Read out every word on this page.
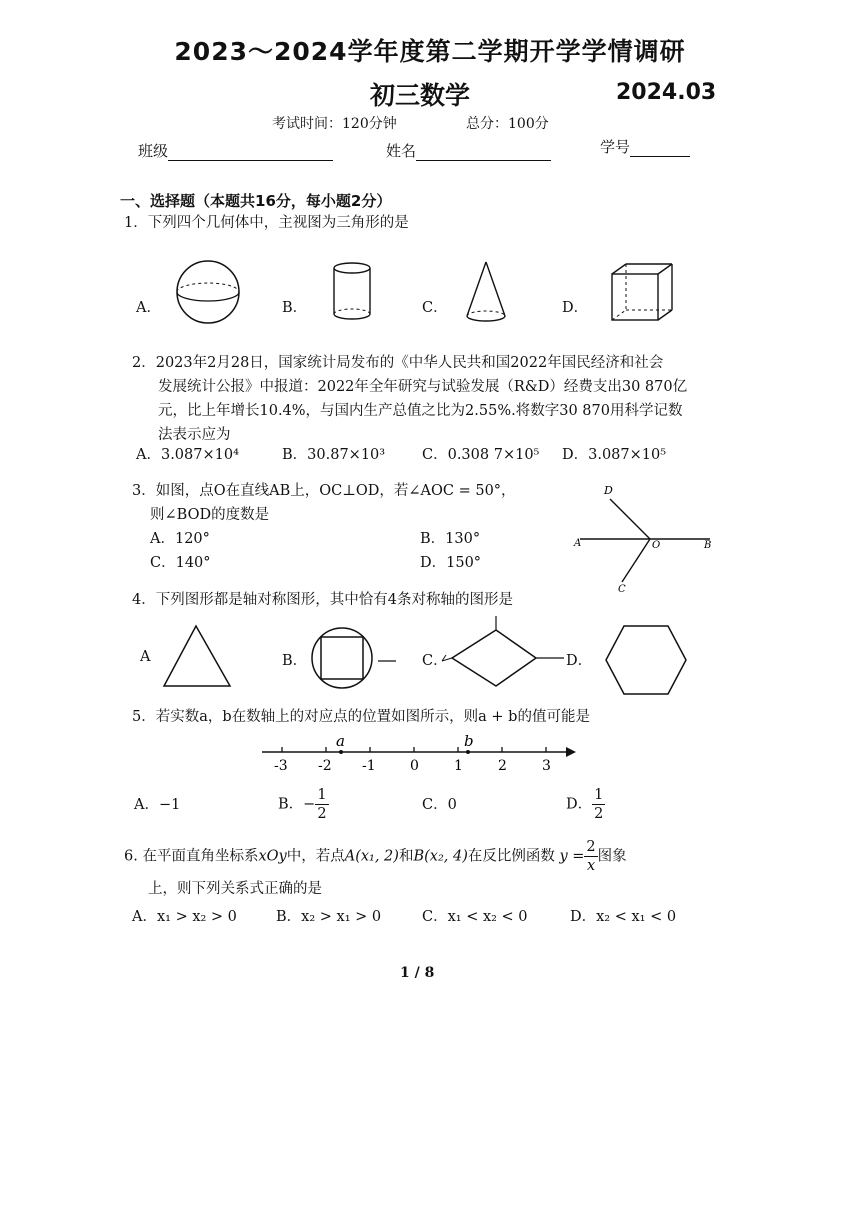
2023～2024学年度第二学期开学学情调研
初三数学	2024.03
考试时间：120分钟	总分：100分
班级	姓名	学号
一、选择题（本题共16分，每小题2分）
1．下列四个几何体中，主视图为三角形的是
A．	B．	C．	D．
2．2023年2月28日，国家统计局发布的《中华人民共和国2022年国民经济和社会
发展统计公报》中报道：2022年全年研究与试验发展（R&D）经费支出30 870亿
元，比上年增长10.4%，与国内生产总值之比为2.55%.将数字30 870用科学记数
法表示应为
A．3.087×10⁴	B．30.87×10³	C．0.308 7×10⁵ D．3.087×10⁵
3．如图，点O在直线AB上，OC⊥OD，若∠AOC = 50°，
则∠BOD的度数是
A．120°	B．130°
C．140°	D．150°
D
A	O	B
C
4．下列图形都是轴对称图形，其中恰有4条对称轴的图形是
A	B．	C．	D．
5．若实数a，b在数轴上的对应点的位置如图所示，则a + b的值可能是
-3 -2 -1 0	1	2	3
a	b
A．−1	B．− $\frac{1}{2}$	C．0	D． $\frac{1}{2}$
6. 在平面直角坐标系xOy中，若点A(x₁, 2)和B(x₂, 4)在反比例函数 $y = \frac{2}{x}$图象
上，则下列关系式正确的是
A．x₁ > x₂ > 0	B．x₂ > x₁ > 0	C．x₁ < x₂ < 0	D．x₂ < x₁ < 0
1 / 8
